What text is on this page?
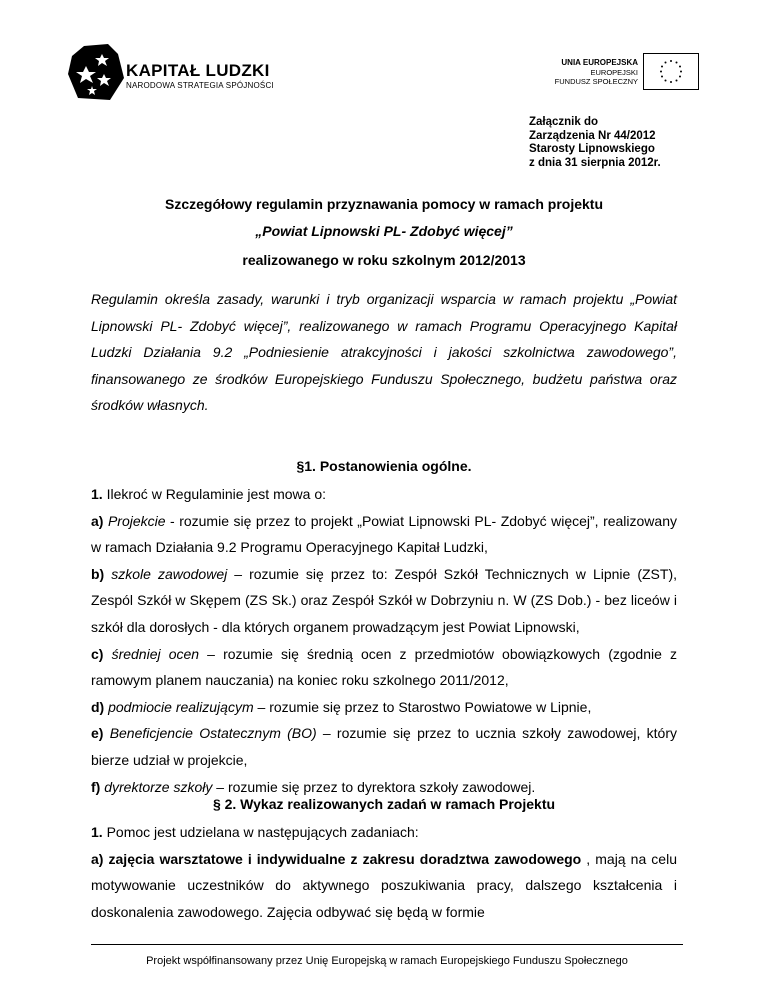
KAPITAŁ LUDZKI
NARODOWA STRATEGIA SPÓJNOŚCI
UNIA EUROPEJSKA
EUROPEJSKI
FUNDUSZ SPOŁECZNY
Załącznik do
Zarządzenia Nr 44/2012
Starosty Lipnowskiego
z dnia 31 sierpnia 2012r.
Szczegółowy regulamin przyznawania pomocy w ramach projektu
„Powiat Lipnowski PL- Zdobyć więcej”
realizowanego w roku szkolnym 2012/2013
Regulamin określa zasady, warunki i tryb organizacji wsparcia w ramach projektu „Powiat Lipnowski PL- Zdobyć więcej”, realizowanego w ramach Programu Operacyjnego Kapitał Ludzki Działania 9.2 „Podniesienie atrakcyjności i jakości szkolnictwa zawodowego”, finansowanego ze środków Europejskiego Funduszu Społecznego, budżetu państwa oraz środków własnych.
§1. Postanowienia ogólne.

1. Ilekroć w Regulaminie jest mowa o:

a) Projekcie - rozumie się przez to projekt „Powiat Lipnowski PL- Zdobyć więcej”, realizowany w ramach Działania 9.2 Programu Operacyjnego Kapitał Ludzki,

b) szkole zawodowej – rozumie się przez to: Zespół Szkół Technicznych w Lipnie (ZST), Zespól Szkół w Skępem (ZS Sk.) oraz Zespół Szkół w Dobrzyniu n. W (ZS Dob.) - bez liceów i szkół dla dorosłych - dla których organem prowadzącym jest Powiat Lipnowski,

c) średniej ocen – rozumie się średnią ocen z przedmiotów obowiązkowych (zgodnie z ramowym planem nauczania) na koniec roku szkolnego 2011/2012,

d) podmiocie realizującym – rozumie się przez to Starostwo Powiatowe w Lipnie,

e) Beneficjencie Ostatecznym (BO) – rozumie się przez to ucznia szkoły zawodowej, który bierze udział w projekcie,

f) dyrektorze szkoły – rozumie się przez to dyrektora szkoły zawodowej.

§ 2. Wykaz realizowanych zadań w ramach Projektu

1. Pomoc jest udzielana w następujących zadaniach:

a) zajęcia warsztatowe i indywidualne z zakresu doradztwa zawodowego , mają na celu motywowanie uczestników do aktywnego poszukiwania pracy, dalszego kształcenia i doskonalenia zawodowego. Zajęcia odbywać się będą w formie

Projekt współfinansowany przez Unię Europejską w ramach Europejskiego Funduszu Społecznego
